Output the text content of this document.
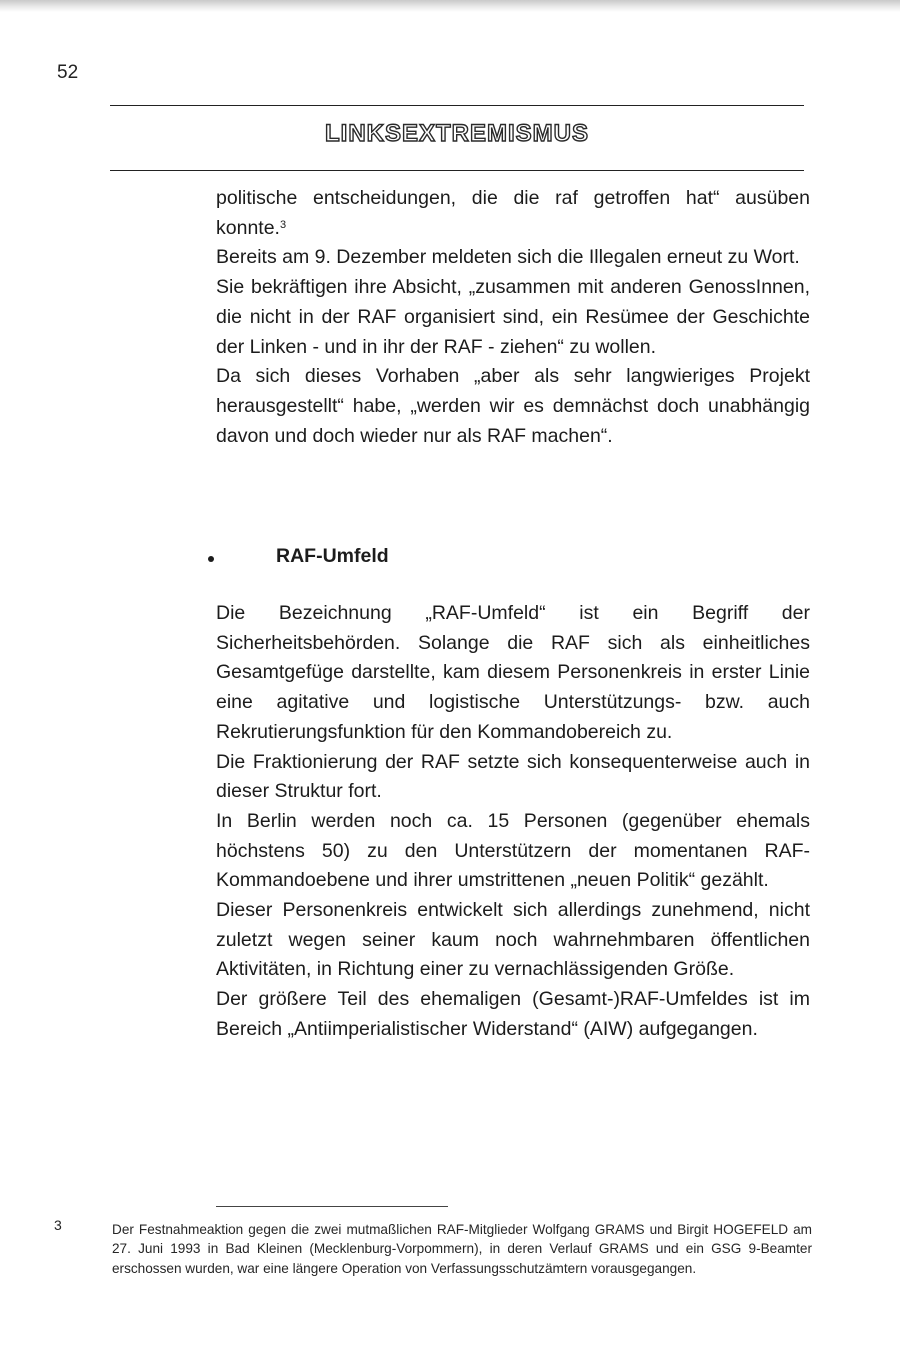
52
LINKSEXTREMISMUS

politische entscheidungen, die die raf getroffen hat“ ausüben konnte.$^3$

Bereits am 9. Dezember meldeten sich die Illegalen erneut zu Wort.

Sie bekräftigen ihre Absicht, „zusammen mit anderen GenossInnen, die nicht in der RAF organisiert sind, ein Resümee der Geschichte der Linken - und in ihr der RAF - ziehen“ zu wollen.

Da sich dieses Vorhaben „aber als sehr langwieriges Projekt herausgestellt“ habe, „werden wir es demnächst doch unabhängig davon und doch wieder nur als RAF machen“.

RAF-Umfeld

Die Bezeichnung „RAF-Umfeld“ ist ein Begriff der Sicherheitsbehörden. Solange die RAF sich als einheitliches Gesamtgefüge darstellte, kam diesem Personenkreis in erster Linie eine agitative und logistische Unterstützungs- bzw. auch Rekrutierungsfunktion für den Kommandobereich zu.

Die Fraktionierung der RAF setzte sich konsequenterweise auch in dieser Struktur fort.

In Berlin werden noch ca. 15 Personen (gegenüber ehemals höchstens 50) zu den Unterstützern der momentanen RAF-Kommandoebene und ihrer umstrittenen „neuen Politik“ gezählt.

Dieser Personenkreis entwickelt sich allerdings zunehmend, nicht zuletzt wegen seiner kaum noch wahrnehmbaren öffentlichen Aktivitäten, in Richtung einer zu vernachlässigenden Größe.

Der größere Teil des ehemaligen (Gesamt-)RAF-Umfeldes ist im Bereich „Antiimperialistischer Widerstand“ (AIW) aufgegangen.

3	Der Festnahmeaktion gegen die zwei mutmaßlichen RAF-Mitglieder Wolfgang GRAMS und Birgit HOGEFELD am 27. Juni 1993 in Bad Kleinen (Mecklenburg-Vorpommern), in deren Verlauf GRAMS und ein GSG 9-Beamter erschossen wurden, war eine längere Operation von Verfassungsschutzämtern vorausgegangen.
